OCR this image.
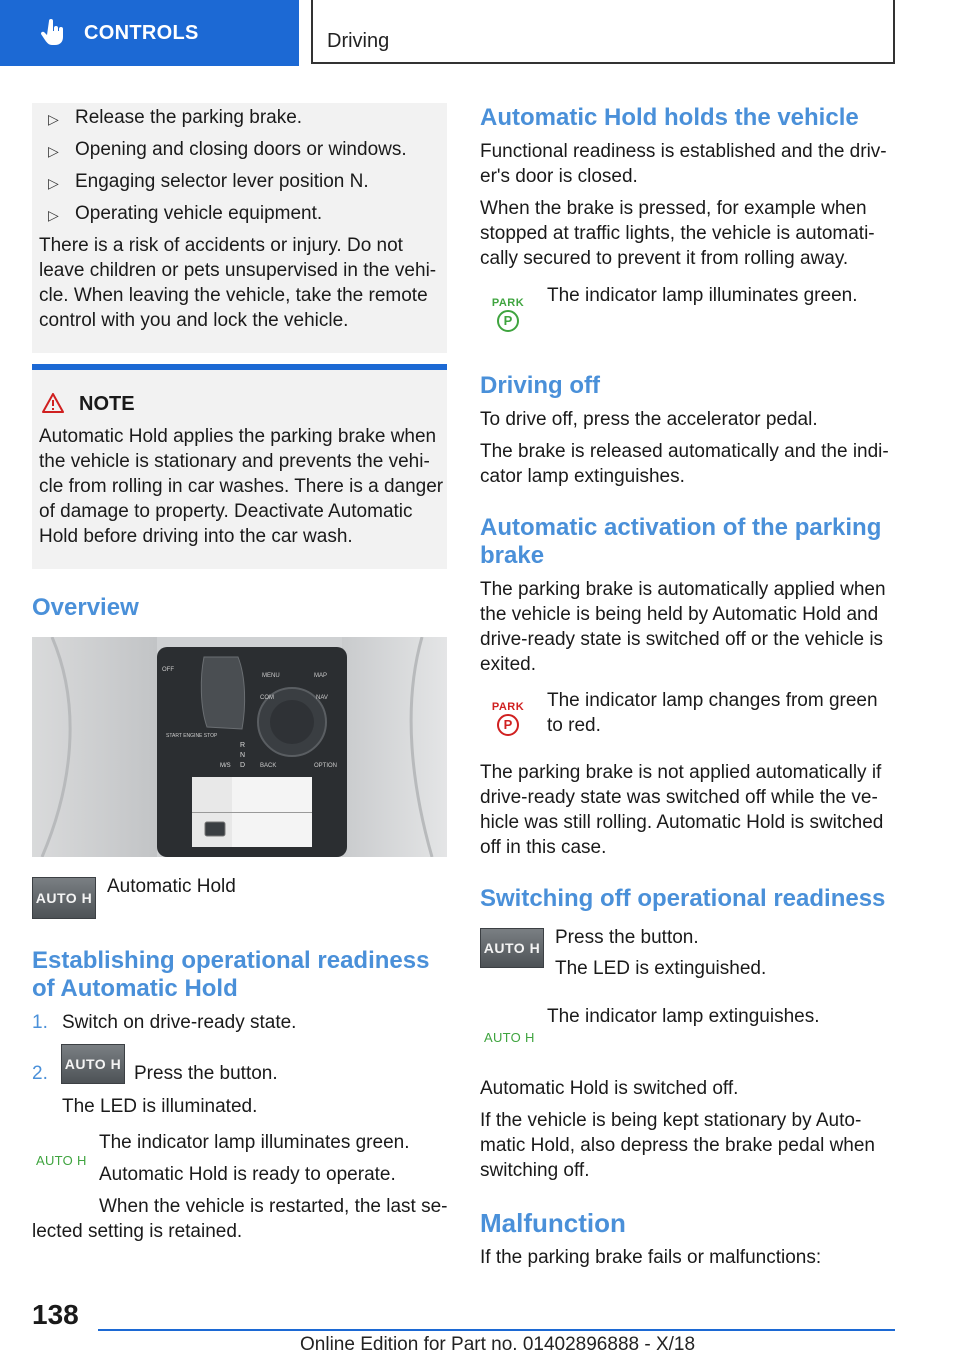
CONTROLS	Driving
▷ Release the parking brake.
▷ Opening and closing doors or windows.
▷ Engaging selector lever position N.
▷ Operating vehicle equipment.
There is a risk of accidents or injury. Do not
leave children or pets unsupervised in the vehi-
cle. When leaving the vehicle, take the remote
control with you and lock the vehicle.
NOTE
Automatic Hold applies the parking brake when
the vehicle is stationary and prevents the vehi-
cle from rolling in car washes. There is a danger
of damage to property. Deactivate Automatic
Hold before driving into the car wash.
Overview
OFF
MENU	MAP
COM	NAV
BACK	OPTION
START ENGINE STOP
R
N
D
M/S
AUTO H
Automatic Hold
Establishing operational readiness
of Automatic Hold
1. Switch on drive-ready state.
2. AUTO H Press the button.
The LED is illuminated.
AUTO H
The indicator lamp illuminates green.
Automatic Hold is ready to operate.
When the vehicle is restarted, the last se-
lected setting is retained.
Automatic Hold holds the vehicle
Functional readiness is established and the driv-
er's door is closed.
When the brake is pressed, for example when
stopped at traffic lights, the vehicle is automati-
cally secured to prevent it from rolling away.
PARK
P
The indicator lamp illuminates green.
Driving off
To drive off, press the accelerator pedal.
The brake is released automatically and the indi-
cator lamp extinguishes.
Automatic activation of the parking
brake
The parking brake is automatically applied when
the vehicle is being held by Automatic Hold and
drive-ready state is switched off or the vehicle is
exited.
PARK
P
The indicator lamp changes from green
to red.
The parking brake is not applied automatically if
drive-ready state was switched off while the ve-
hicle was still rolling. Automatic Hold is switched
off in this case.
Switching off operational readiness
AUTO H Press the button.
The LED is extinguished.
AUTO H
The indicator lamp extinguishes.
Automatic Hold is switched off.
If the vehicle is being kept stationary by Auto-
matic Hold, also depress the brake pedal when
switching off.
Malfunction
If the parking brake fails or malfunctions:
138
Online Edition for Part no. 01402896888 - X/18
